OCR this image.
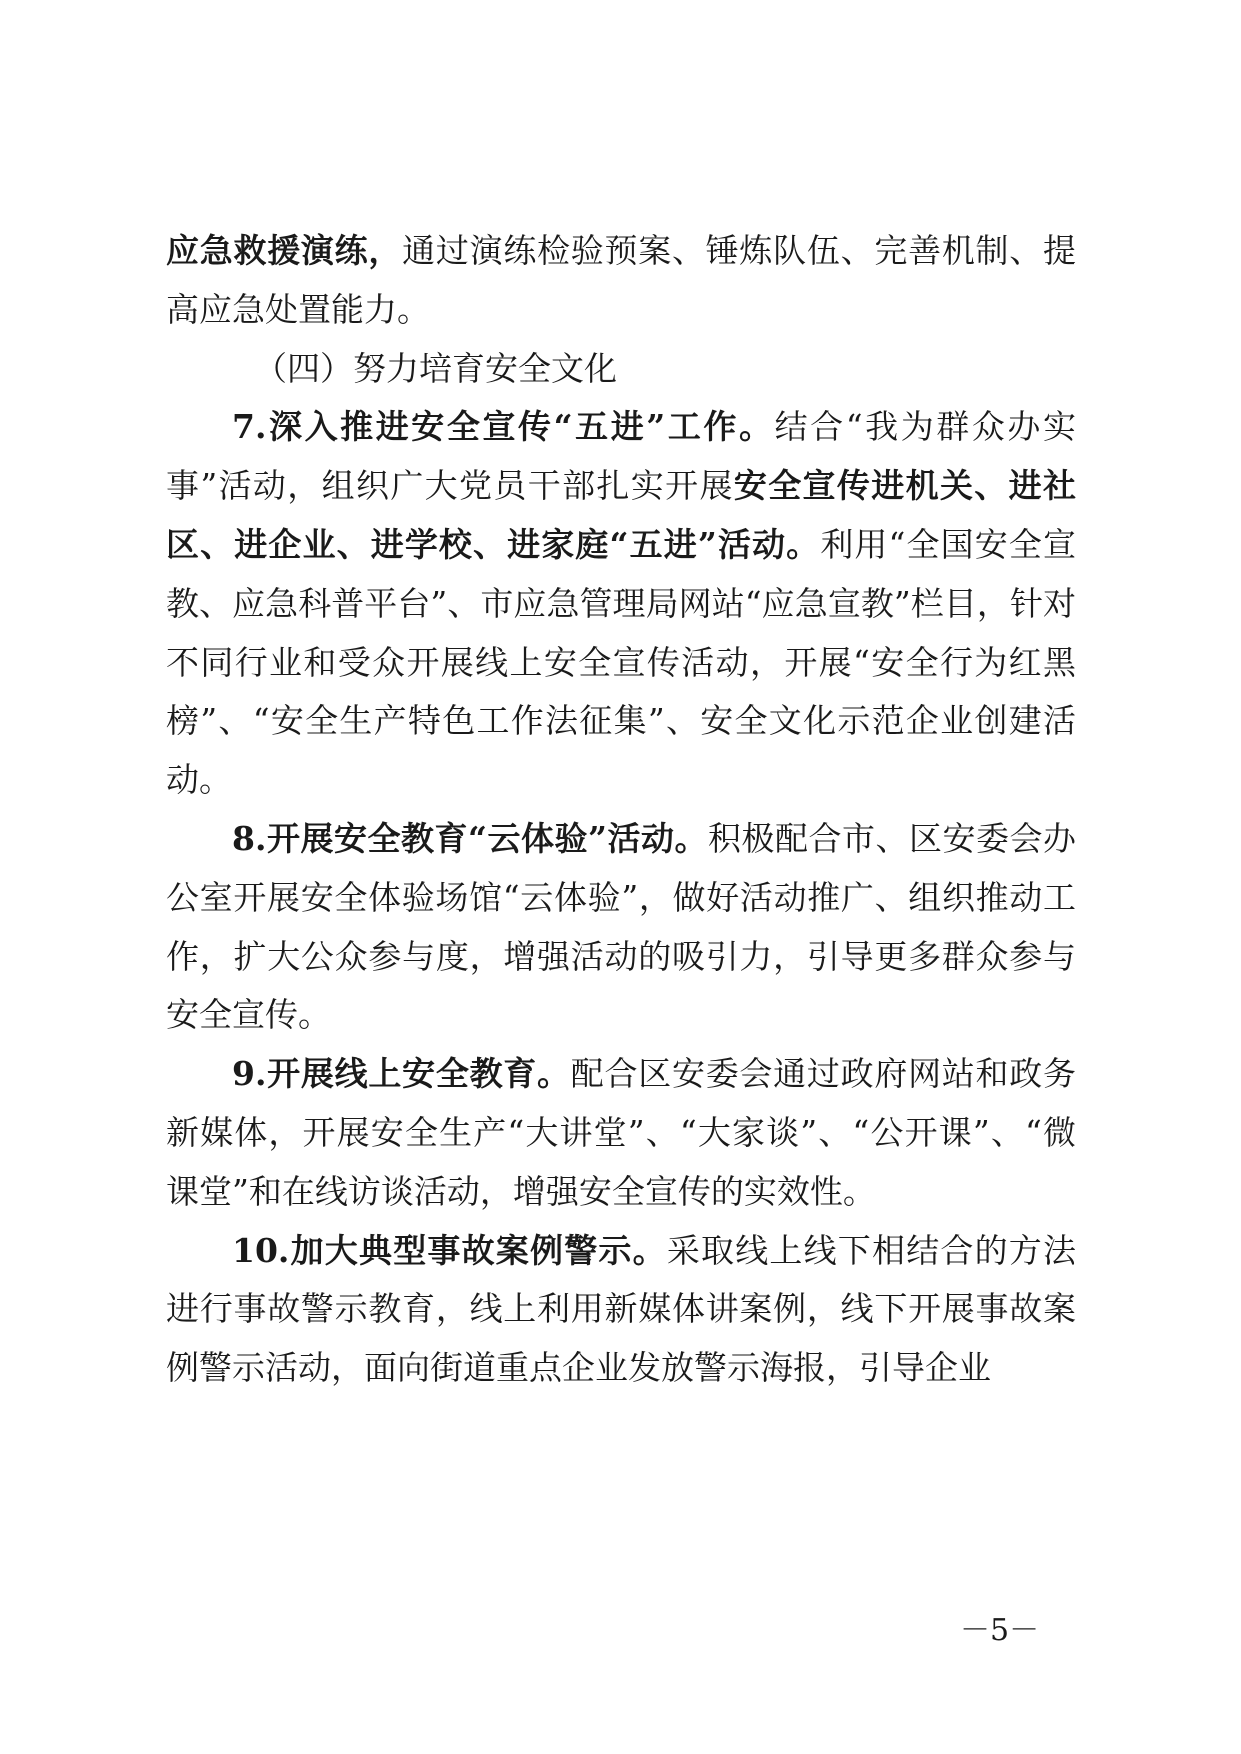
应急救援演练，通过演练检验预案、锤炼队伍、完善机制、提高应急处置能力。

（四）努力培育安全文化

7.深入推进安全宣传“五进”工作。结合“我为群众办实事”活动，组织广大党员干部扎实开展安全宣传进机关、进社区、进企业、进学校、进家庭“五进”活动。利用“全国安全宣教、应急科普平台”、市应急管理局网站“应急宣教”栏目，针对不同行业和受众开展线上安全宣传活动，开展“安全行为红黑榜”、“安全生产特色工作法征集”、安全文化示范企业创建活动。

8.开展安全教育“云体验”活动。积极配合市、区安委会办公室开展安全体验场馆“云体验”，做好活动推广、组织推动工作，扩大公众参与度，增强活动的吸引力，引导更多群众参与安全宣传。

9.开展线上安全教育。配合区安委会通过政府网站和政务新媒体，开展安全生产“大讲堂”、“大家谈”、“公开课”、“微课堂”和在线访谈活动，增强安全宣传的实效性。

10.加大典型事故案例警示。采取线上线下相结合的方法进行事故警示教育，线上利用新媒体讲案例，线下开展事故案例警示活动，面向街道重点企业发放警示海报，引导企业

－5－
